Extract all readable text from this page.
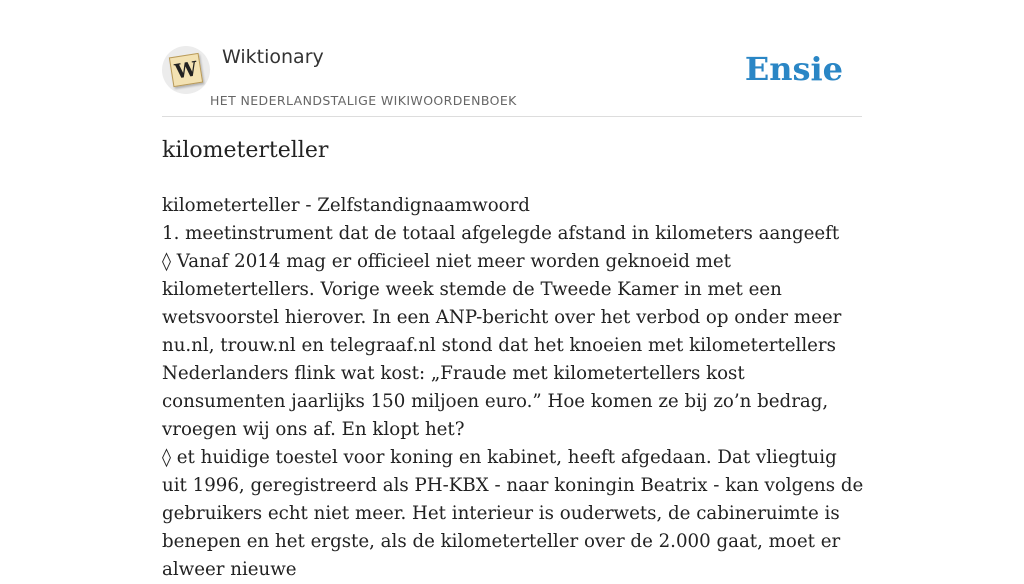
W Wiktionary
HET NEDERLANDSTALIGE WIKIWOORDENBOEK
Ensie
kilometerteller

kilometerteller - Zelfstandignaamwoord

1. meetinstrument dat de totaal afgelegde afstand in kilometers aangeeft

◊ Vanaf 2014 mag er officieel niet meer worden geknoeid met kilometertellers. Vorige week stemde de Tweede Kamer in met een wetsvoorstel hierover. In een ANP-bericht over het verbod op onder meer nu.nl, trouw.nl en telegraaf.nl stond dat het knoeien met kilometertellers Nederlanders flink wat kost: „Fraude met kilometertellers kost consumenten jaarlijks 150 miljoen euro.” Hoe komen ze bij zo’n bedrag, vroegen wij ons af. En klopt het?

◊ et huidige toestel voor koning en kabinet, heeft afgedaan. Dat vliegtuig uit 1996, geregistreerd als PH-KBX - naar koningin Beatrix - kan volgens de gebruikers echt niet meer. Het interieur is ouderwets, de cabineruimte is benepen en het ergste, als de kilometerteller over de 2.000 gaat, moet er alweer nieuwe
